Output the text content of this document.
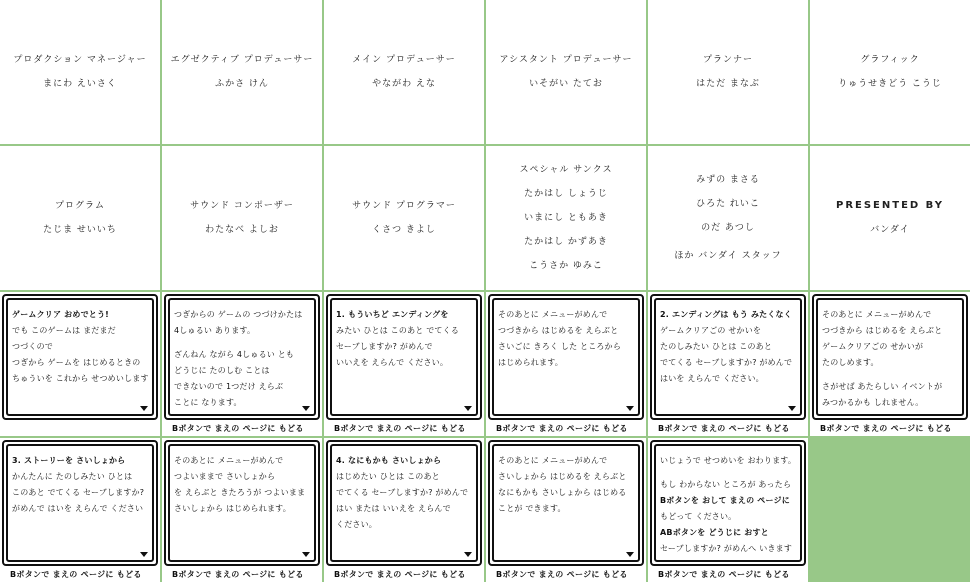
プロダクション マネージャー
まにわ えいさく
エグゼクティブ プロデューサー
ふかさ けん
メイン プロデューサー
やながわ えな
アシスタント プロデューサー
いそがい たてお
プランナー
はただ まなぶ
グラフィック
りゅうせきどう こうじ
プログラム
たじま せいいち
サウンド コンポーザー
わたなべ よしお
サウンド プログラマー
くさつ きよし
スペシャル サンクス
たかはし しょうじ
いまにし ともあき
たかはし かずあき
こうさか ゆみこ
みずの まさる
ひろた れいこ
のだ あつし
ほか バンダイ スタッフ
PRESENTED BY
バンダイ
ゲームクリア おめでとう!
でも このゲームは まだまだ
つづくので
つぎから ゲームを はじめるときの
ちゅういを これから せつめいします
つぎからの ゲームの つづけかたは
4しゅるい あります。
ざんねん ながら 4しゅるい とも
どうじに たのしむ ことは
できないので 1つだけ えらぶ
ことに なります。
Bボタンで まえの ページに もどる
1. もういちど エンディングを
みたい ひとは このあと でてくる
セーブしますか? がめんで
いいえを えらんで ください。
Bボタンで まえの ページに もどる
そのあとに メニューがめんで
つづきから はじめるを えらぶと
さいごに きろく した ところから
はじめられます。
Bボタンで まえの ページに もどる
2. エンディングは もう みたくなく
ゲームクリアごの せかいを
たのしみたい ひとは このあと
でてくる セーブしますか? がめんで
はいを えらんで ください。
Bボタンで まえの ページに もどる
そのあとに メニューがめんで
つづきから はじめるを えらぶと
ゲームクリアごの せかいが
たのしめます。
さがせば あたらしい イベントが
みつかるかも しれません。
Bボタンで まえの ページに もどる
3. ストーリーを さいしょから
かんたんに たのしみたい ひとは
このあと でてくる セーブしますか?
がめんで はいを えらんで ください
Bボタンで まえの ページに もどる
そのあとに メニューがめんで
つよいままで さいしょから
を えらぶと きたろうが つよいまま
さいしょから はじめられます。
Bボタンで まえの ページに もどる
4. なにもかも さいしょから
はじめたい ひとは このあと
でてくる セーブしますか? がめんで
はい または いいえを えらんで
ください。
Bボタンで まえの ページに もどる
そのあとに メニューがめんで
さいしょから はじめるを えらぶと
なにもかも さいしょから はじめる
ことが できます。
Bボタンで まえの ページに もどる
いじょうで せつめいを おわります。
もし わからない ところが あったら
Bボタンを おして まえの ページに
もどって ください。
ABボタンを どうじに おすと
セーブしますか? がめんへ いきます
Bボタンで まえの ページに もどる
